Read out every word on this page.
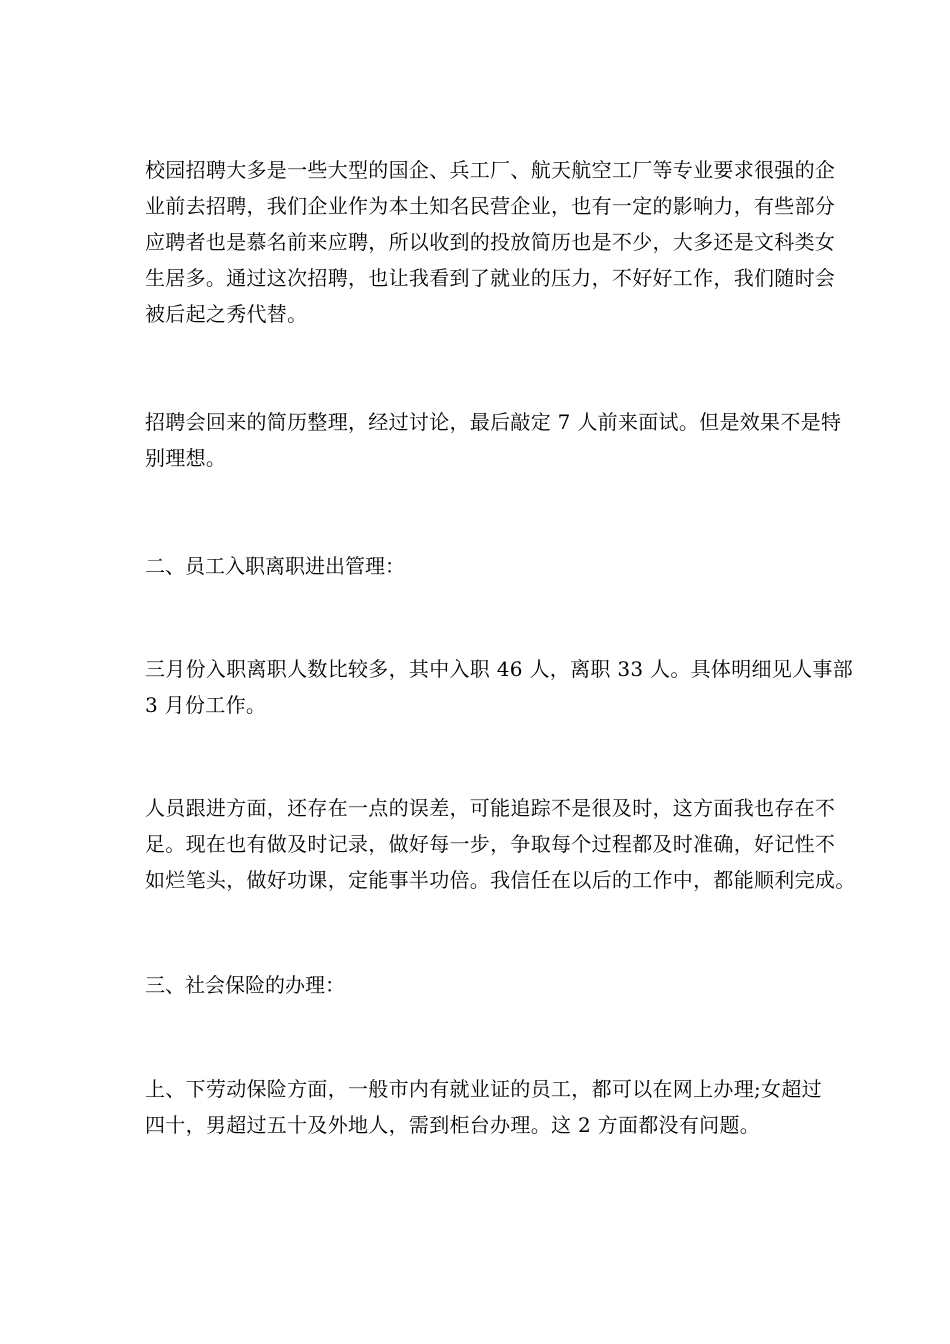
校园招聘大多是一些大型的国企、兵工厂、航天航空工厂等专业要求很强的企
业前去招聘，我们企业作为本土知名民营企业，也有一定的影响力，有些部分
应聘者也是慕名前来应聘，所以收到的投放简历也是不少，大多还是文科类女
生居多。通过这次招聘，也让我看到了就业的压力，不好好工作，我们随时会
被后起之秀代替。

招聘会回来的简历整理，经过讨论，最后敲定 7 人前来面试。但是效果不是特
别理想。

二、员工入职离职进出管理：

三月份入职离职人数比较多，其中入职 46 人，离职 33 人。具体明细见人事部
3 月份工作。

人员跟进方面，还存在一点的误差，可能追踪不是很及时，这方面我也存在不
足。现在也有做及时记录，做好每一步，争取每个过程都及时准确，好记性不
如烂笔头，做好功课，定能事半功倍。我信任在以后的工作中，都能顺利完成。

三、社会保险的办理：

上、下劳动保险方面，一般市内有就业证的员工，都可以在网上办理;女超过
四十，男超过五十及外地人，需到柜台办理。这 2 方面都没有问题。
